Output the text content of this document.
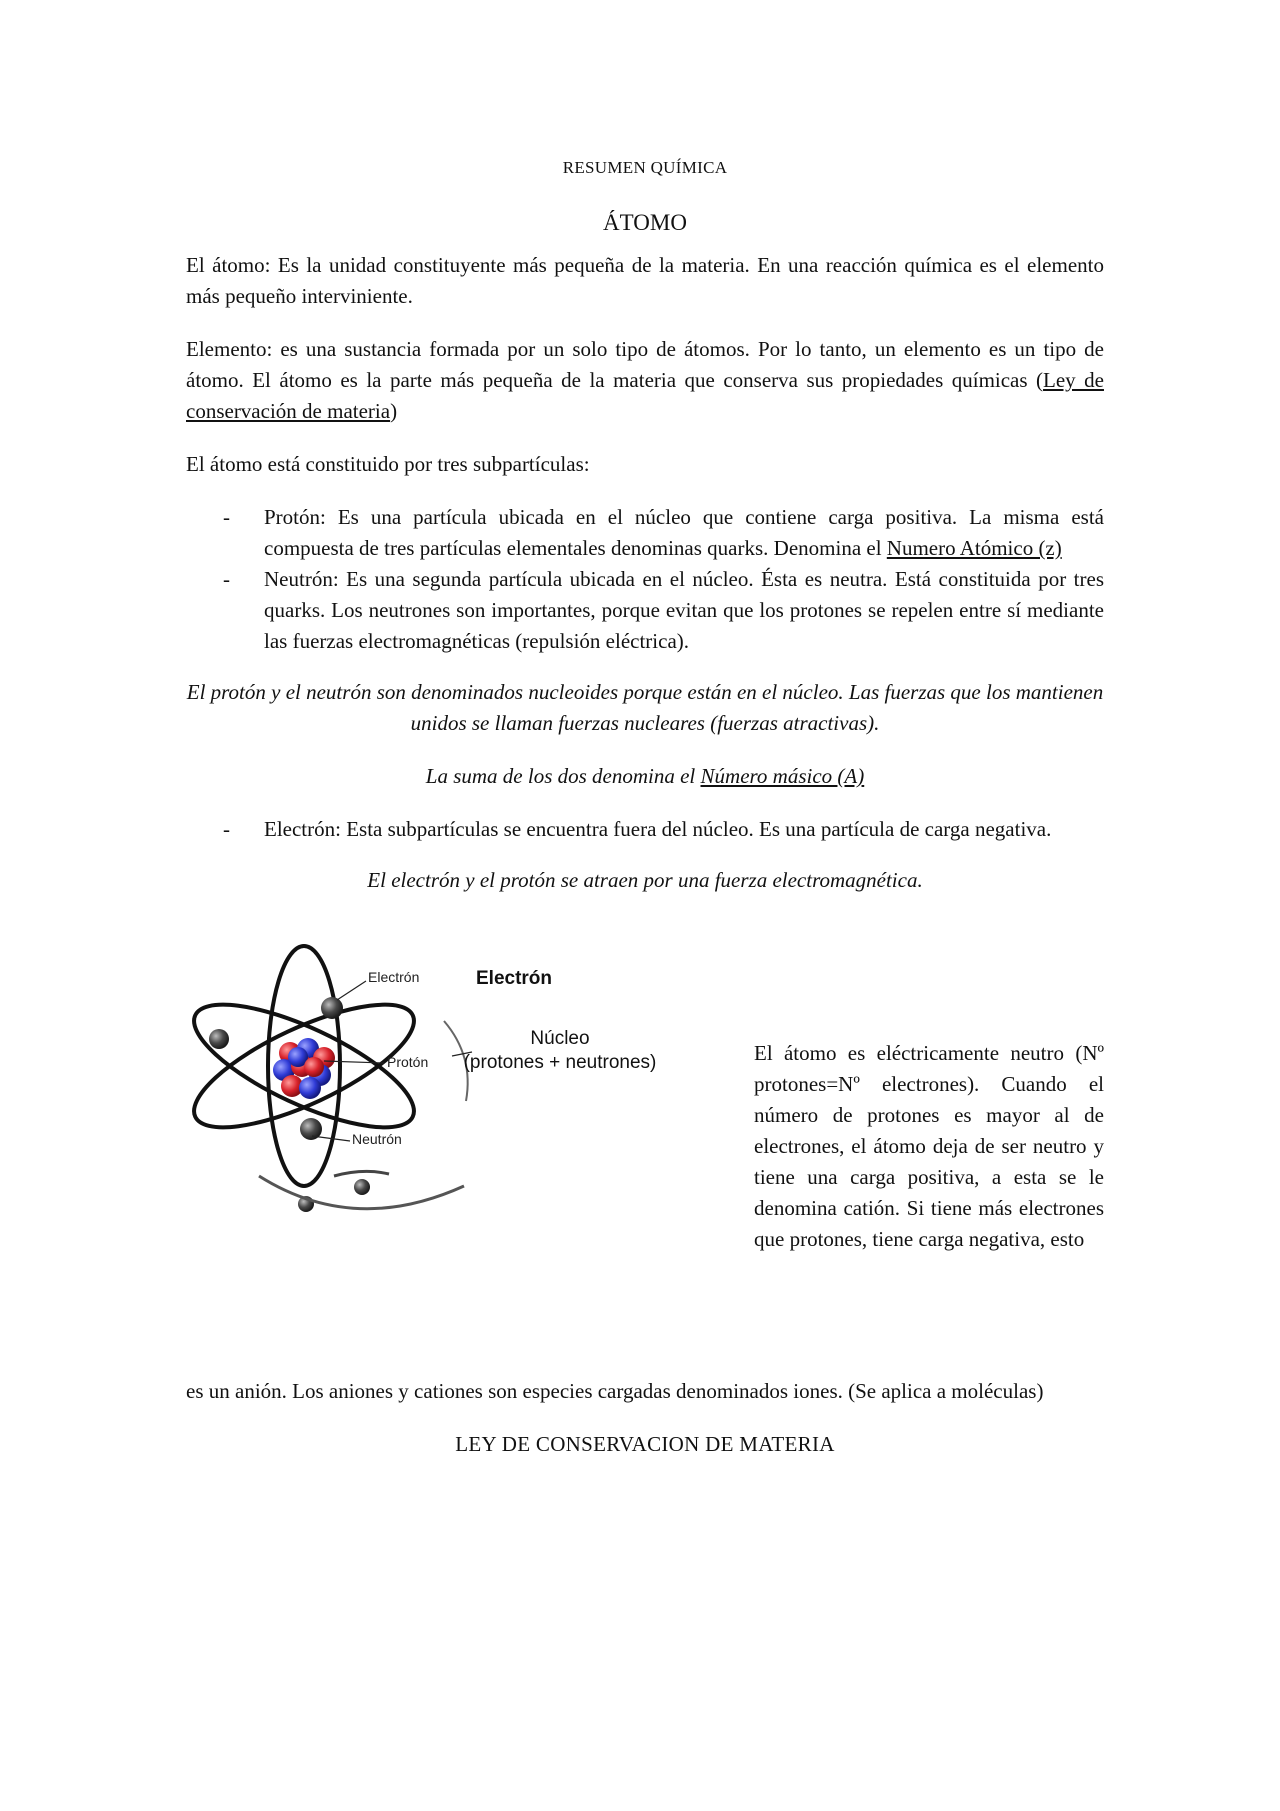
RESUMEN QUÍMICA
ÁTOMO

El átomo: Es la unidad constituyente más pequeña de la materia. En una reacción química es el elemento más pequeño interviniente.

Elemento: es una sustancia formada por un solo tipo de átomos. Por lo tanto, un elemento es un tipo de átomo. El átomo es la parte más pequeña de la materia que conserva sus propiedades químicas (Ley de conservación de materia)

El átomo está constituido por tres subpartículas:

- Protón: Es una partícula ubicada en el núcleo que contiene carga positiva. La misma está compuesta de tres partículas elementales denominas quarks. Denomina el Numero Atómico (z)
- Neutrón: Es una segunda partícula ubicada en el núcleo. Ésta es neutra. Está constituida por tres quarks. Los neutrones son importantes, porque evitan que los protones se repelen entre sí mediante las fuerzas electromagnéticas (repulsión eléctrica).

El protón y el neutrón son denominados nucleoides porque están en el núcleo. Las fuerzas que los mantienen unidos se llaman fuerzas nucleares (fuerzas atractivas).

La suma de los dos denomina el Número másico (A)

- Electrón: Esta subpartículas se encuentra fuera del núcleo. Es una partícula de carga negativa.

El electrón y el protón se atraen por una fuerza electromagnética.

Electrón
Protón
Neutrón
Electrón
Núcleo
(protones + neutrones)	El átomo es eléctricamente neutro (Nº protones=Nº electrones). Cuando el número de protones es mayor al de electrones, el átomo deja de ser neutro y tiene una carga positiva, a esta se le denomina catión. Si tiene más electrones que protones, tiene carga negativa, esto

es un anión. Los aniones y cationes son especies cargadas denominados iones. (Se aplica a moléculas)

LEY DE CONSERVACION DE MATERIA
